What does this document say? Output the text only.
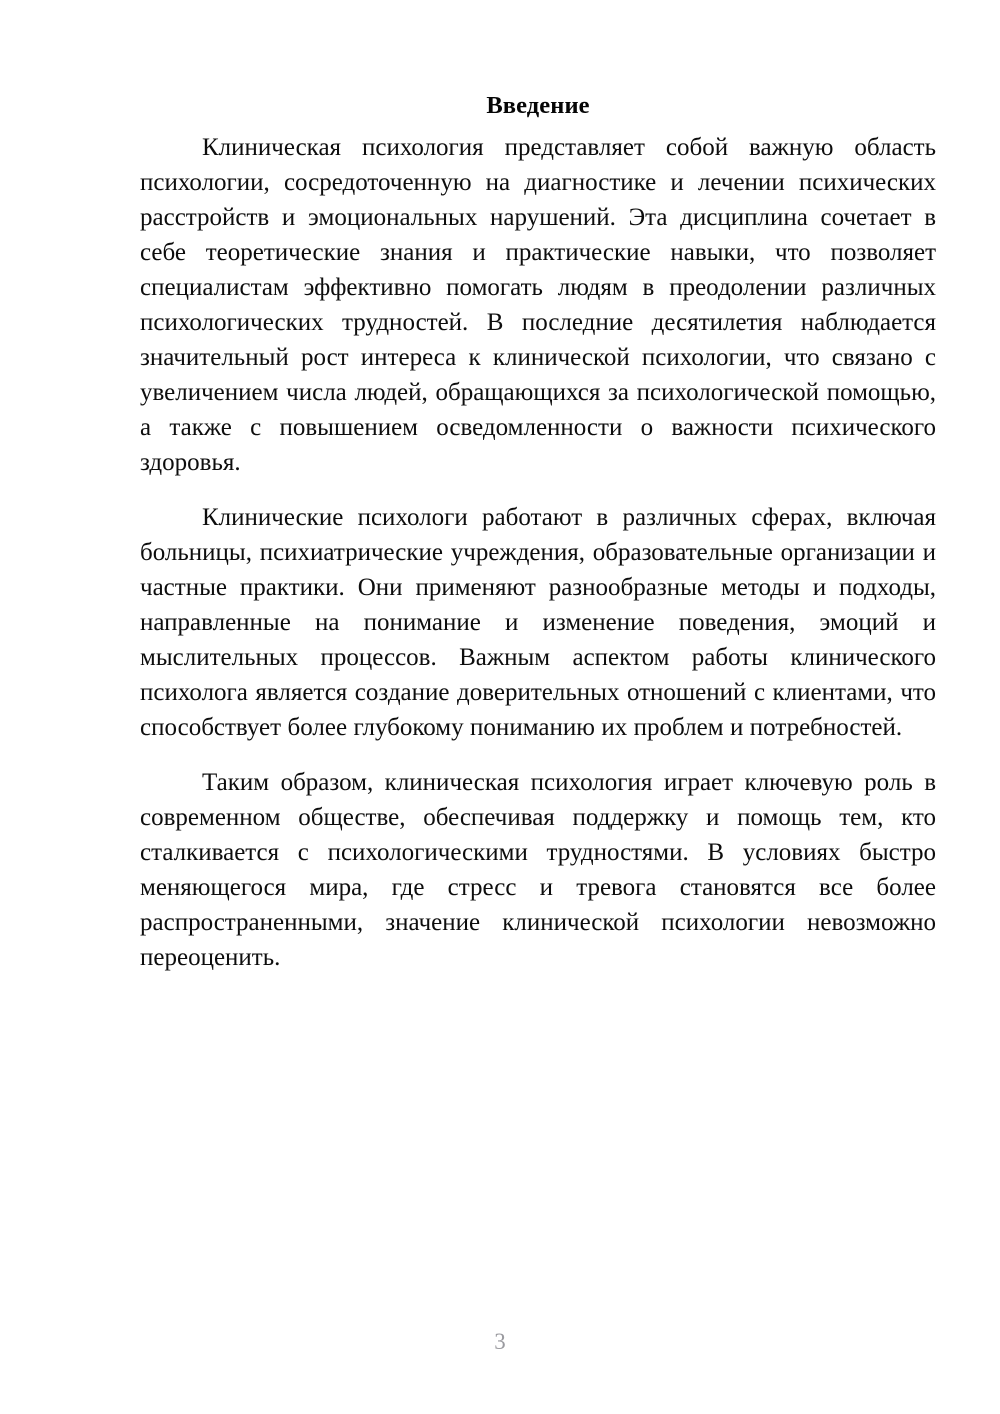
Введение

Клиническая психология представляет собой важную область психологии, сосредоточенную на диагностике и лечении психических расстройств и эмоциональных нарушений. Эта дисциплина сочетает в себе теоретические знания и практические навыки, что позволяет специалистам эффективно помогать людям в преодолении различных психологических трудностей. В последние десятилетия наблюдается значительный рост интереса к клинической психологии, что связано с увеличением числа людей, обращающихся за психологической помощью, а также с повышением осведомленности о важности психического здоровья.

Клинические психологи работают в различных сферах, включая больницы, психиатрические учреждения, образовательные организации и частные практики. Они применяют разнообразные методы и подходы, направленные на понимание и изменение поведения, эмоций и мыслительных процессов. Важным аспектом работы клинического психолога является создание доверительных отношений с клиентами, что способствует более глубокому пониманию их проблем и потребностей.

Таким образом, клиническая психология играет ключевую роль в современном обществе, обеспечивая поддержку и помощь тем, кто сталкивается с психологическими трудностями. В условиях быстро меняющегося мира, где стресс и тревога становятся все более распространенными, значение клинической психологии невозможно переоценить.

3
